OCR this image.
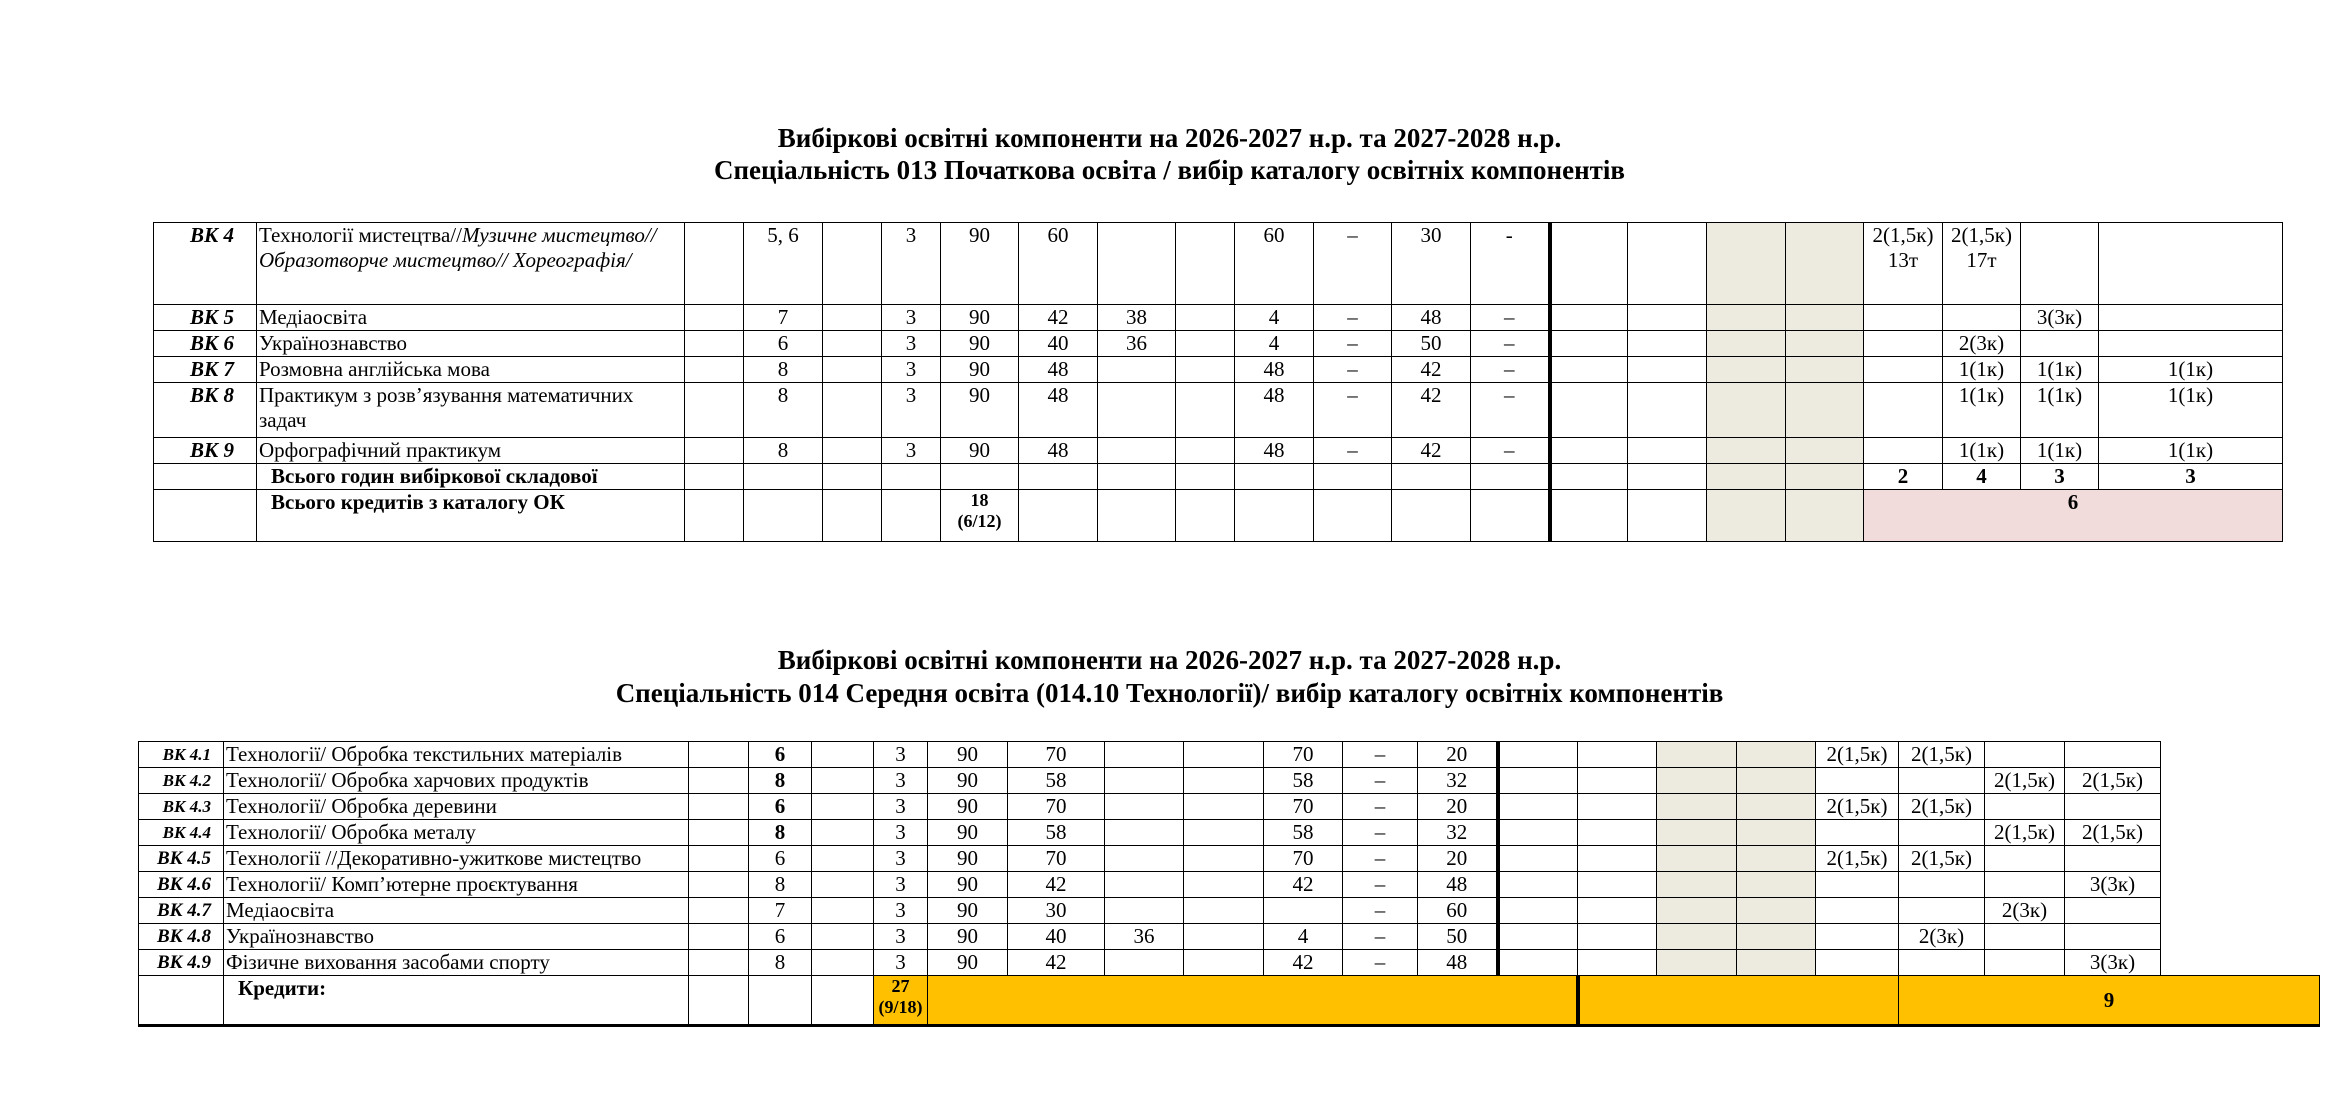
Вибіркові освітні компоненти на 2026-2027 н.р. та 2027-2028 н.р.
Спеціальність 013 Початкова освіта / вибір каталогу освітніх компонентів
ВК 4	Технології мистецтва//Музичне мистецтво// Образотворче мистецтво// Хореографія/		5, 6		3	90	60			60	–	30	-					2(1,5к) 13т	2(1,5к) 17т		
ВК 5	Медіаосвіта		7		3	90	42	38		4	–	48	–							3(3к)	
ВК 6	Українознавство		6		3	90	40	36		4	–	50	–						2(3к)		
ВК 7	Розмовна англійська мова		8		3	90	48			48	–	42	–						1(1к)	1(1к)	1(1к)
ВК 8	Практикум з розв’язування математичних задач		8		3	90	48			48	–	42	–						1(1к)	1(1к)	1(1к)
ВК 9	Орфографічний практикум		8		3	90	48			48	–	42	–						1(1к)	1(1к)	1(1к)
	Всього годин вибіркової складової																	2	4	3	3
	Всього кредитів з каталогу ОК					18
(6/12)												6			
Вибіркові освітні компоненти на 2026-2027 н.р. та 2027-2028 н.р.
Спеціальність 014 Середня освіта (014.10 Технології)/ вибір каталогу освітніх компонентів
ВК 4.1	Технології/ Обробка текстильних матеріалів		6		3	90	70			70	–	20					2(1,5к)	2(1,5к)		
ВК 4.2	Технології/ Обробка харчових продуктів		8		3	90	58			58	–	32							2(1,5к)	2(1,5к)
ВК 4.3	Технології/ Обробка деревини		6		3	90	70			70	–	20					2(1,5к)	2(1,5к)		
ВК 4.4	Технології/ Обробка металу		8		3	90	58			58	–	32							2(1,5к)	2(1,5к)
ВК 4.5	Технології //Декоративно-ужиткове мистецтво		6		3	90	70			70	–	20					2(1,5к)	2(1,5к)		
ВК 4.6	Технології/ Комп’ютерне проєктування		8		3	90	42			42	–	48								3(3к)
ВК 4.7	Медіаосвіта		7		3	90	30				–	60							2(3к)	
ВК 4.8	Українознавство		6		3	90	40	36		4	–	50						2(3к)		
ВК 4.9	Фізичне виховання засобами спорту		8		3	90	42			42	–	48								3(3к)
	Кредити:				27
(9/18)													9		
